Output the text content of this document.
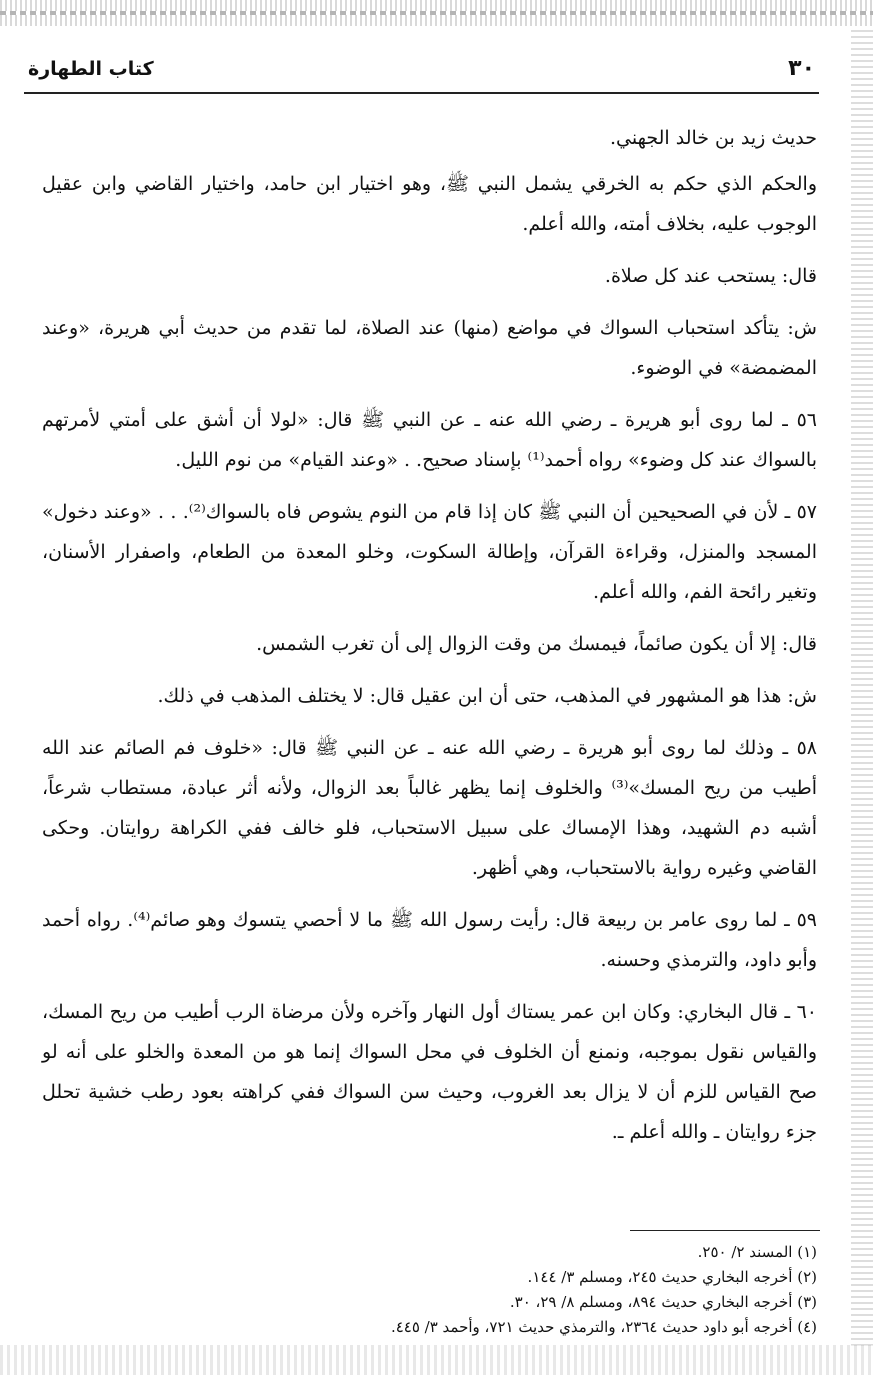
٣٠
كتاب الطهارة

حديث زيد بن خالد الجهني.

والحكم الذي حكم به الخرقي يشمل النبي ﷺ، وهو اختيار ابن حامد، واختيار القاضي وابن عقيل الوجوب عليه، بخلاف أمته، والله أعلم.

قال: يستحب عند كل صلاة.

ش: يتأكد استحباب السواك في مواضع (منها) عند الصلاة، لما تقدم من حديث أبي هريرة، «وعند المضمضة» في الوضوء.

٥٦ ـ لما روى أبو هريرة ـ رضي الله عنه ـ عن النبي ﷺ قال: «لولا أن أشق على أمتي لأمرتهم بالسواك عند كل وضوء» رواه أحمد⁽¹⁾ بإسناد صحيح. . «وعند القيام» من نوم الليل.

٥٧ ـ لأن في الصحيحين أن النبي ﷺ كان إذا قام من النوم يشوص فاه بالسواك⁽²⁾. . . «وعند دخول» المسجد والمنزل، وقراءة القرآن، وإطالة السكوت، وخلو المعدة من الطعام، واصفرار الأسنان، وتغير رائحة الفم، والله أعلم.

قال: إلا أن يكون صائماً، فيمسك من وقت الزوال إلى أن تغرب الشمس.

ش: هذا هو المشهور في المذهب، حتى أن ابن عقيل قال: لا يختلف المذهب في ذلك.

٥٨ ـ وذلك لما روى أبو هريرة ـ رضي الله عنه ـ عن النبي ﷺ قال: «خلوف فم الصائم عند الله أطيب من ريح المسك»⁽³⁾ والخلوف إنما يظهر غالباً بعد الزوال، ولأنه أثر عبادة، مستطاب شرعاً، أشبه دم الشهيد، وهذا الإمساك على سبيل الاستحباب، فلو خالف ففي الكراهة روايتان. وحكى القاضي وغيره رواية بالاستحباب، وهي أظهر.

٥٩ ـ لما روى عامر بن ربيعة قال: رأيت رسول الله ﷺ ما لا أحصي يتسوك وهو صائم⁽⁴⁾. رواه أحمد وأبو داود، والترمذي وحسنه.

٦٠ ـ قال البخاري: وكان ابن عمر يستاك أول النهار وآخره ولأن مرضاة الرب أطيب من ريح المسك، والقياس نقول بموجبه، ونمنع أن الخلوف في محل السواك إنما هو من المعدة والخلو على أنه لو صح القياس للزم أن لا يزال بعد الغروب، وحيث سن السواك ففي كراهته بعود رطب خشية تحلل جزء روايتان ـ والله أعلم ـ.

(١) المسند ٢/ ٢٥٠.
(٢) أخرجه البخاري حديث ٢٤٥، ومسلم ٣/ ١٤٤.
(٣) أخرجه البخاري حديث ٨٩٤، ومسلم ٨/ ٢٩، ٣٠.
(٤) أخرجه أبو داود حديث ٢٣٦٤، والترمذي حديث ٧٢١، وأحمد ٣/ ٤٤٥.
